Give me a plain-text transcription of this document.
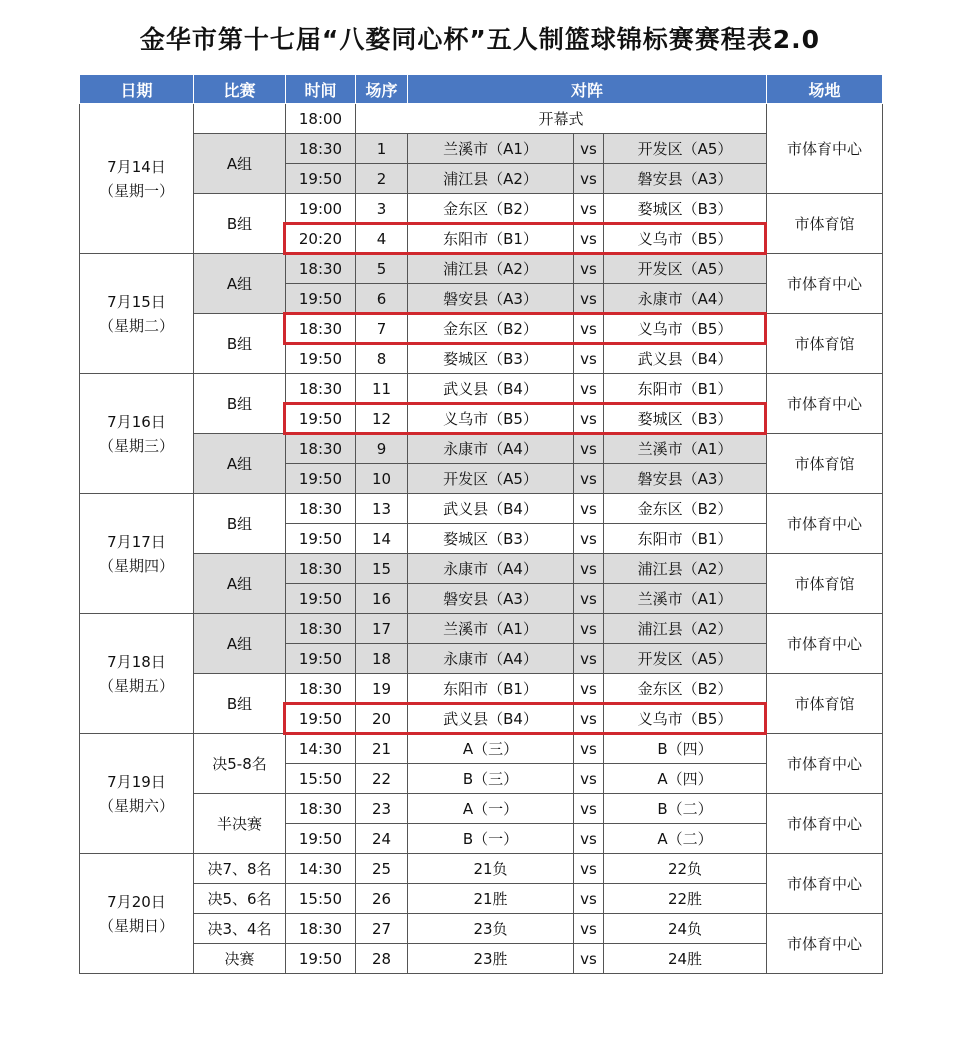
金华市第十七届“八婺同心杯”五人制篮球锦标赛赛程表2.0
日期	比赛	时间	场序	对阵			场地

7月14日
（星期一）		18:00	开幕式				市体育中心
	A组	18:30	1	兰溪市（A1）	vs	开发区（A5）	
		19:50	2	浦江县（A2）	vs	磐安县（A3）	
	B组	19:00	3	金东区（B2）	vs	婺城区（B3）	市体育馆
		20:20	4	东阳市（B1）	vs	义乌市（B5）	

7月15日
（星期二）	A组	18:30	5	浦江县（A2）	vs	开发区（A5）	市体育中心
		19:50	6	磐安县（A3）	vs	永康市（A4）	
	B组	18:30	7	金东区（B2）	vs	义乌市（B5）	市体育馆
		19:50	8	婺城区（B3）	vs	武义县（B4）	

7月16日
（星期三）	B组	18:30	11	武义县（B4）	vs	东阳市（B1）	市体育中心
		19:50	12	义乌市（B5）	vs	婺城区（B3）	
	A组	18:30	9	永康市（A4）	vs	兰溪市（A1）	市体育馆
		19:50	10	开发区（A5）	vs	磐安县（A3）	

7月17日
（星期四）	B组	18:30	13	武义县（B4）	vs	金东区（B2）	市体育中心
		19:50	14	婺城区（B3）	vs	东阳市（B1）	
	A组	18:30	15	永康市（A4）	vs	浦江县（A2）	市体育馆
		19:50	16	磐安县（A3）	vs	兰溪市（A1）	

7月18日
（星期五）	A组	18:30	17	兰溪市（A1）	vs	浦江县（A2）	市体育中心
		19:50	18	永康市（A4）	vs	开发区（A5）	
	B组	18:30	19	东阳市（B1）	vs	金东区（B2）	市体育馆
		19:50	20	武义县（B4）	vs	义乌市（B5）	

7月19日
（星期六）	决5-8名	14:30	21	A（三）	vs	B（四）	市体育中心
		15:50	22	B（三）	vs	A（四）	
	半决赛	18:30	23	A（一）	vs	B（二）	市体育中心
		19:50	24	B（一）	vs	A（二）	

7月20日
（星期日）	决7、8名	14:30	25	21负	vs	22负	市体育中心
	决5、6名	15:50	26	21胜	vs	22胜	
	决3、4名	18:30	27	23负	vs	24负	市体育中心
	决赛	19:50	28	23胜	vs	24胜	
